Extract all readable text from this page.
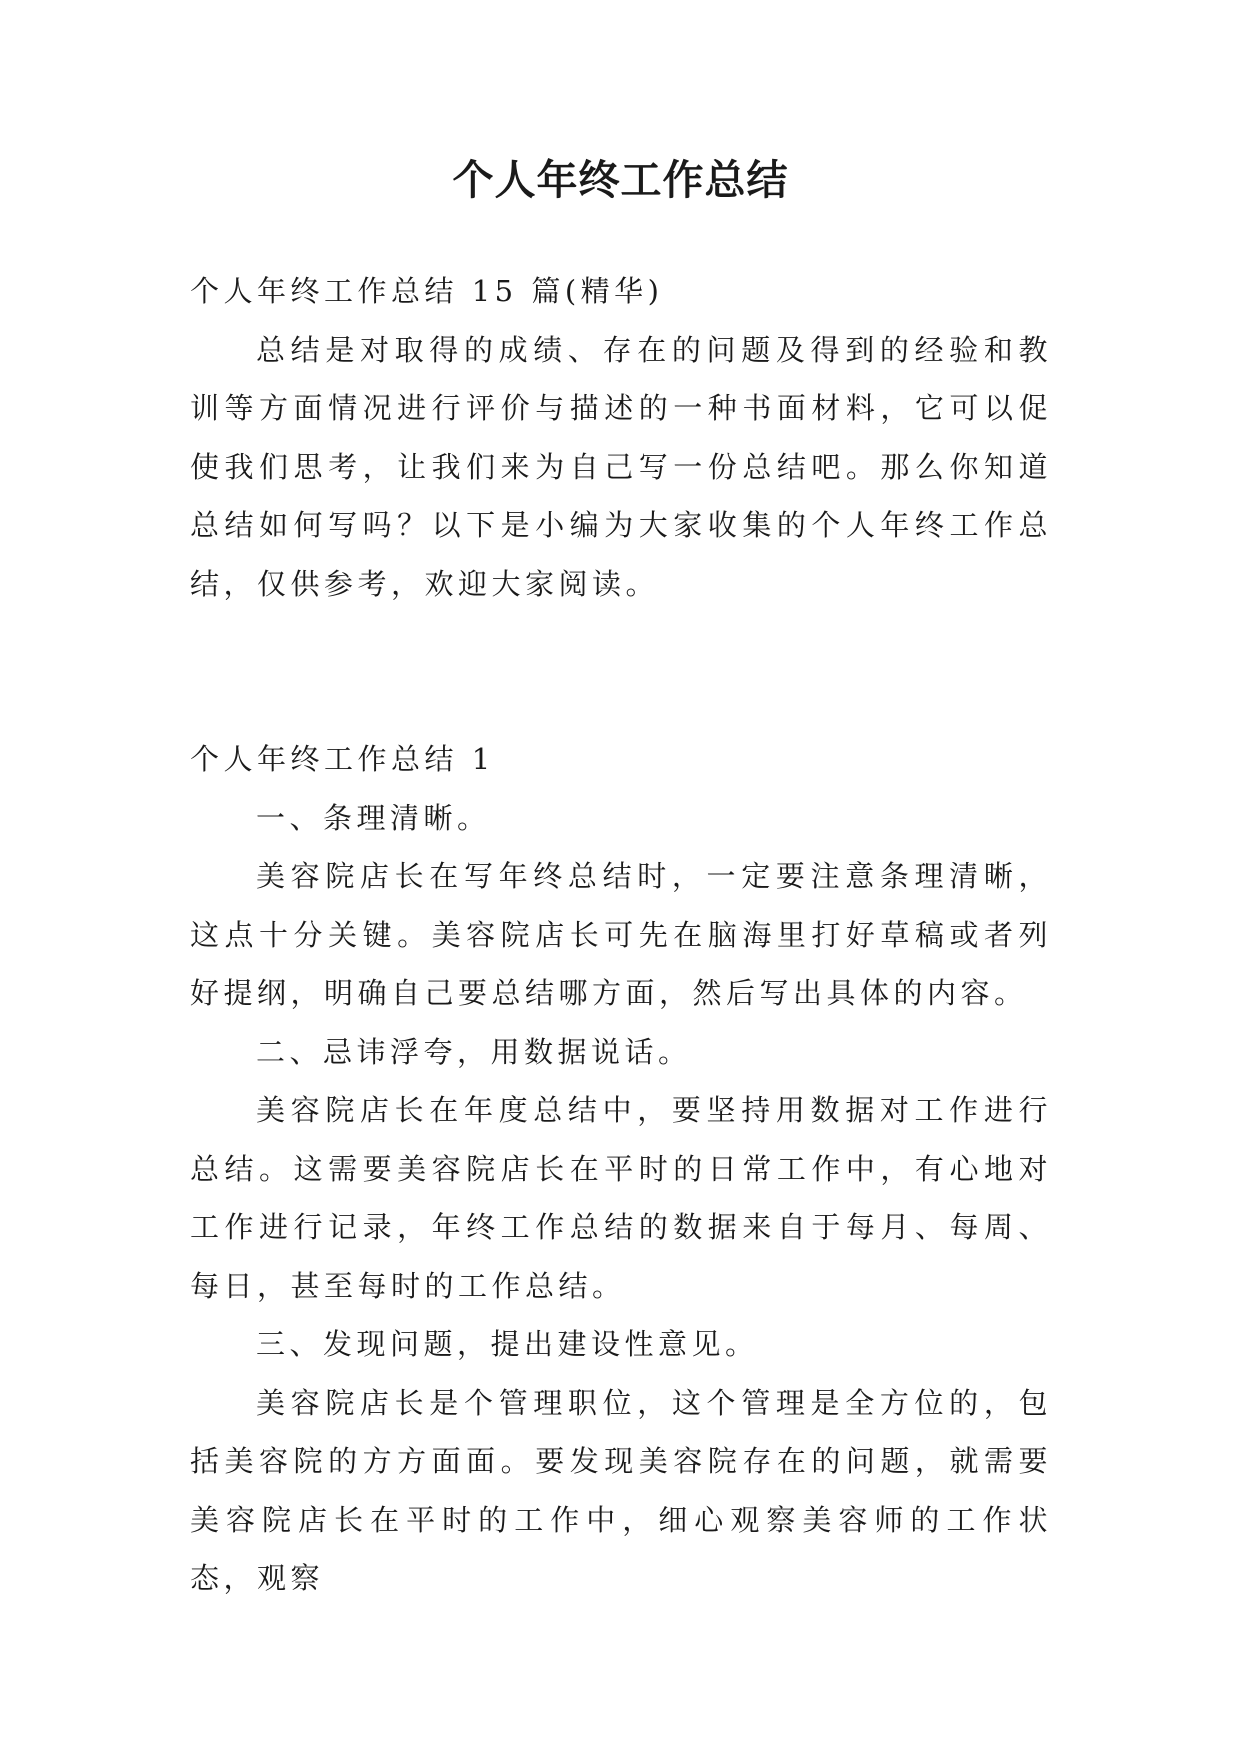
个人年终工作总结

个人年终工作总结 15 篇(精华)

总结是对取得的成绩、存在的问题及得到的经验和教训等方面情况进行评价与描述的一种书面材料，它可以促使我们思考，让我们来为自己写一份总结吧。那么你知道总结如何写吗？以下是小编为大家收集的个人年终工作总结，仅供参考，欢迎大家阅读。

个人年终工作总结 1

一、条理清晰。

美容院店长在写年终总结时，一定要注意条理清晰，这点十分关键。美容院店长可先在脑海里打好草稿或者列好提纲，明确自己要总结哪方面，然后写出具体的内容。

二、忌讳浮夸，用数据说话。

美容院店长在年度总结中，要坚持用数据对工作进行总结。这需要美容院店长在平时的日常工作中，有心地对工作进行记录，年终工作总结的数据来自于每月、每周、每日，甚至每时的工作总结。

三、发现问题，提出建设性意见。

美容院店长是个管理职位，这个管理是全方位的，包括美容院的方方面面。要发现美容院存在的问题，就需要美容院店长在平时的工作中，细心观察美容师的工作状态，观察
